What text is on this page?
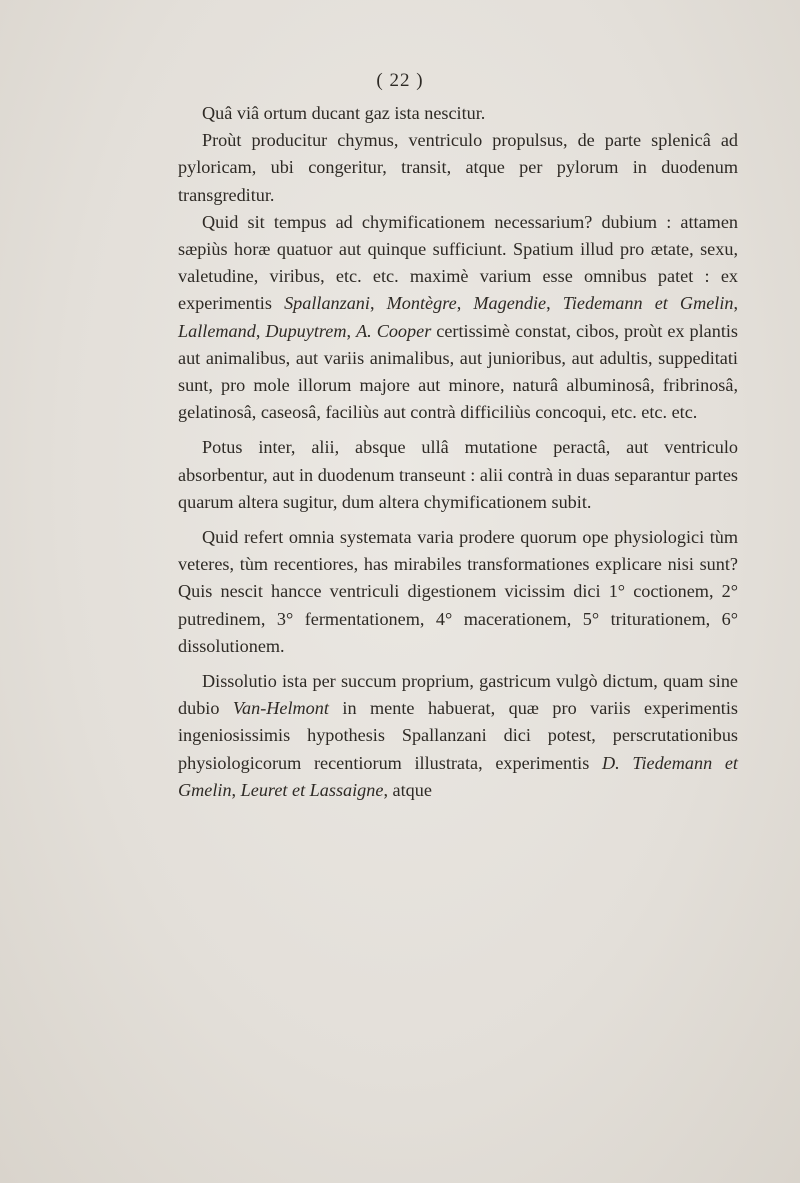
( 22 )

Quâ viâ ortum ducant gaz ista nescitur.

Proùt producitur chymus, ventriculo propulsus, de parte splenicâ ad pyloricam, ubi congeritur, transit, atque per pylorum in duodenum transgreditur.

Quid sit tempus ad chymificationem necessarium? dubium : attamen sæpiùs horæ quatuor aut quinque sufficiunt. Spatium illud pro ætate, sexu, valetudine, viribus, etc. etc. maximè varium esse omnibus patet : ex experimentis Spallanzani, Montègre, Magendie, Tiedemann et Gmelin, Lallemand, Dupuytrem, A. Cooper certissimè constat, cibos, proùt ex plantis aut animalibus, aut variis animalibus, aut junioribus, aut adultis, suppeditati sunt, pro mole illorum majore aut minore, naturâ albuminosâ, fribrinosâ, gelatinosâ, caseosâ, faciliùs aut contrà difficiliùs concoqui, etc. etc. etc.

Potus inter, alii, absque ullâ mutatione peractâ, aut ventriculo absorbentur, aut in duodenum transeunt : alii contrà in duas separantur partes quarum altera sugitur, dum altera chymificationem subit.

Quid refert omnia systemata varia prodere quorum ope physiologici tùm veteres, tùm recentiores, has mirabiles transformationes explicare nisi sunt? Quis nescit hancce ventriculi digestionem vicissim dici 1° coctionem, 2° putredinem, 3° fermentationem, 4° macerationem, 5° triturationem, 6° dissolutionem.

Dissolutio ista per succum proprium, gastricum vulgò dictum, quam sine dubio Van-Helmont in mente habuerat, quæ pro variis experimentis ingeniosissimis hypothesis Spallanzani dici potest, perscrutationibus physiologicorum recentiorum illustrata, experimentis D. Tiedemann et Gmelin, Leuret et Lassaigne, atque
